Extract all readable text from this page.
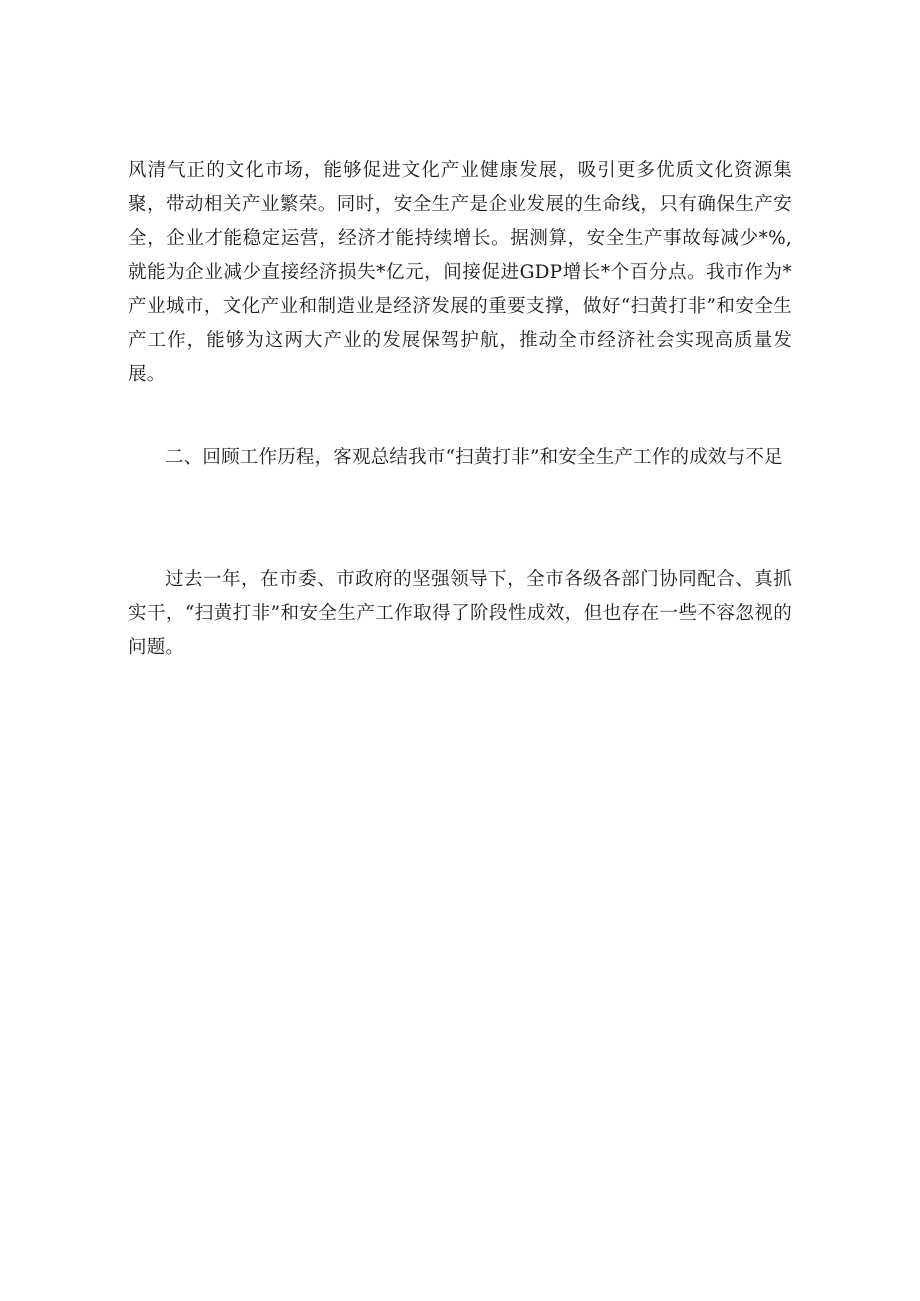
风清气正的文化市场，能够促进文化产业健康发展，吸引更多优质文化资源集聚，带动相关产业繁荣。同时，安全生产是企业发展的生命线，只有确保生产安全，企业才能稳定运营，经济才能持续增长。据测算，安全生产事故每减少*%,就能为企业减少直接经济损失*亿元，间接促进GDP增长*个百分点。我市作为*产业城市，文化产业和制造业是经济发展的重要支撑，做好“扫黄打非”和安全生产工作，能够为这两大产业的发展保驾护航，推动全市经济社会实现高质量发展。

二、回顾工作历程，客观总结我市“扫黄打非”和安全生产工作的成效与不足

过去一年，在市委、市政府的坚强领导下，全市各级各部门协同配合、真抓实干，“扫黄打非”和安全生产工作取得了阶段性成效，但也存在一些不容忽视的问题。
